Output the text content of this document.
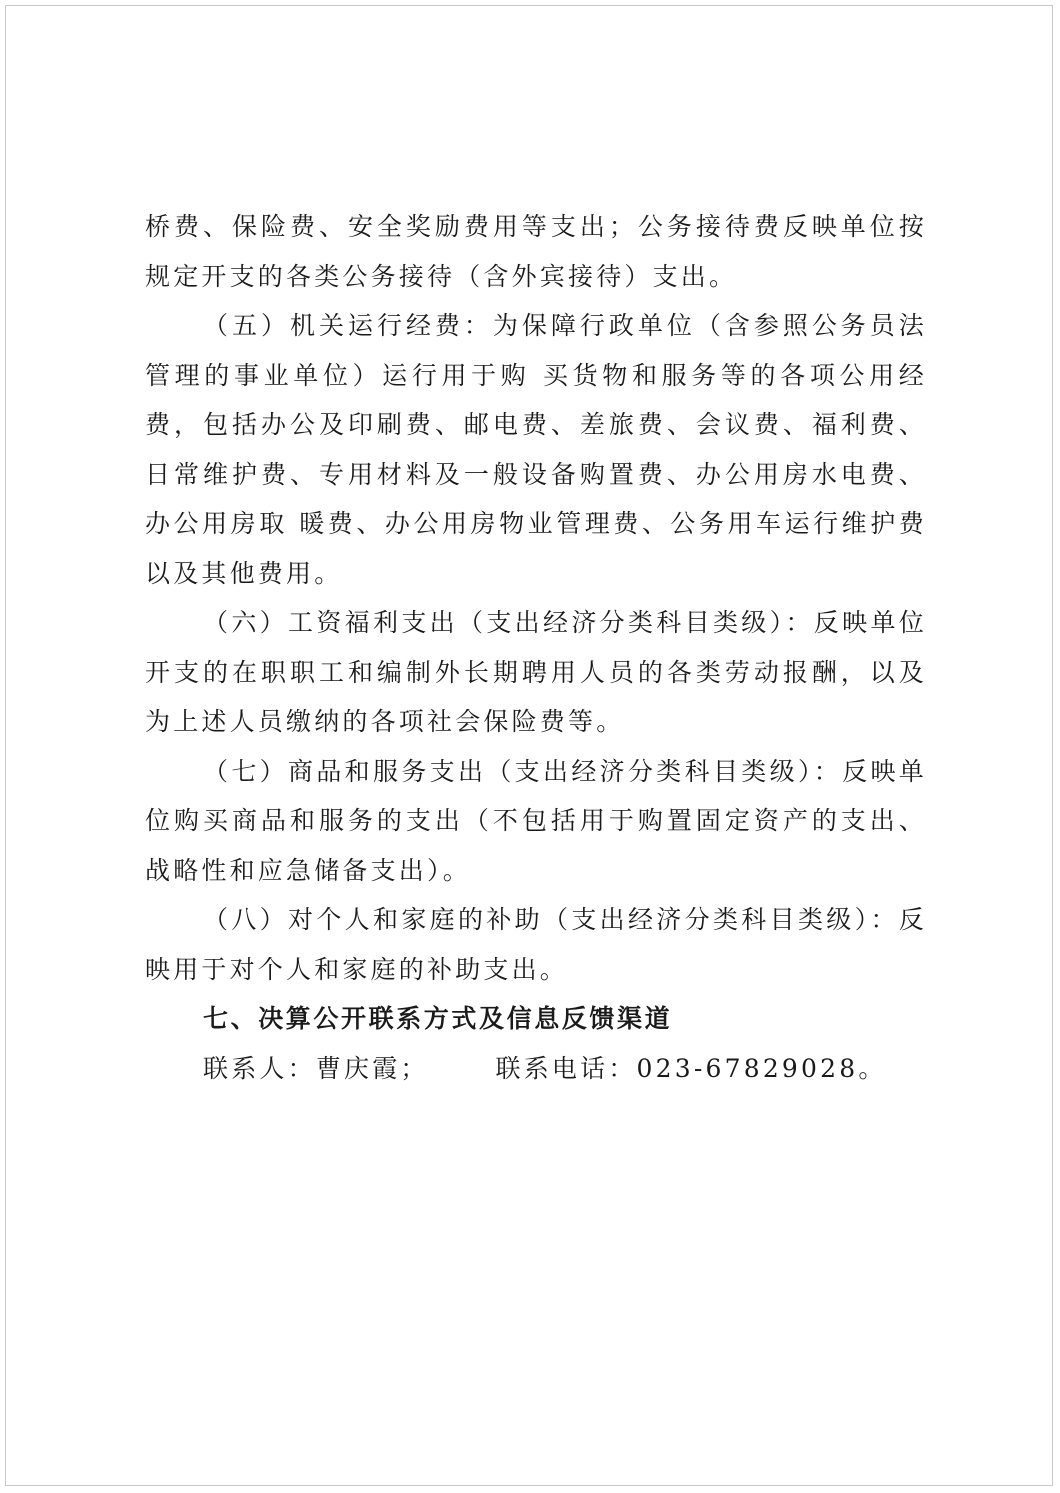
桥费、保险费、安全奖励费用等支出；公务接待费反映单位按规定开支的各类公务接待（含外宾接待）支出。

（五）机关运行经费：为保障行政单位（含参照公务员法管理的事业单位）运行用于购 买货物和服务等的各项公用经费，包括办公及印刷费、邮电费、差旅费、会议费、福利费、日常维护费、专用材料及一般设备购置费、办公用房水电费、办公用房取 暖费、办公用房物业管理费、公务用车运行维护费以及其他费用。

（六）工资福利支出（支出经济分类科目类级）：反映单位开支的在职职工和编制外长期聘用人员的各类劳动报酬，以及为上述人员缴纳的各项社会保险费等。

（七）商品和服务支出（支出经济分类科目类级）：反映单位购买商品和服务的支出（不包括用于购置固定资产的支出、战略性和应急储备支出）。

（八）对个人和家庭的补助（支出经济分类科目类级）：反映用于对个人和家庭的补助支出。

七、决算公开联系方式及信息反馈渠道

联系人：曹庆霞；	联系电话：023-67829028。
